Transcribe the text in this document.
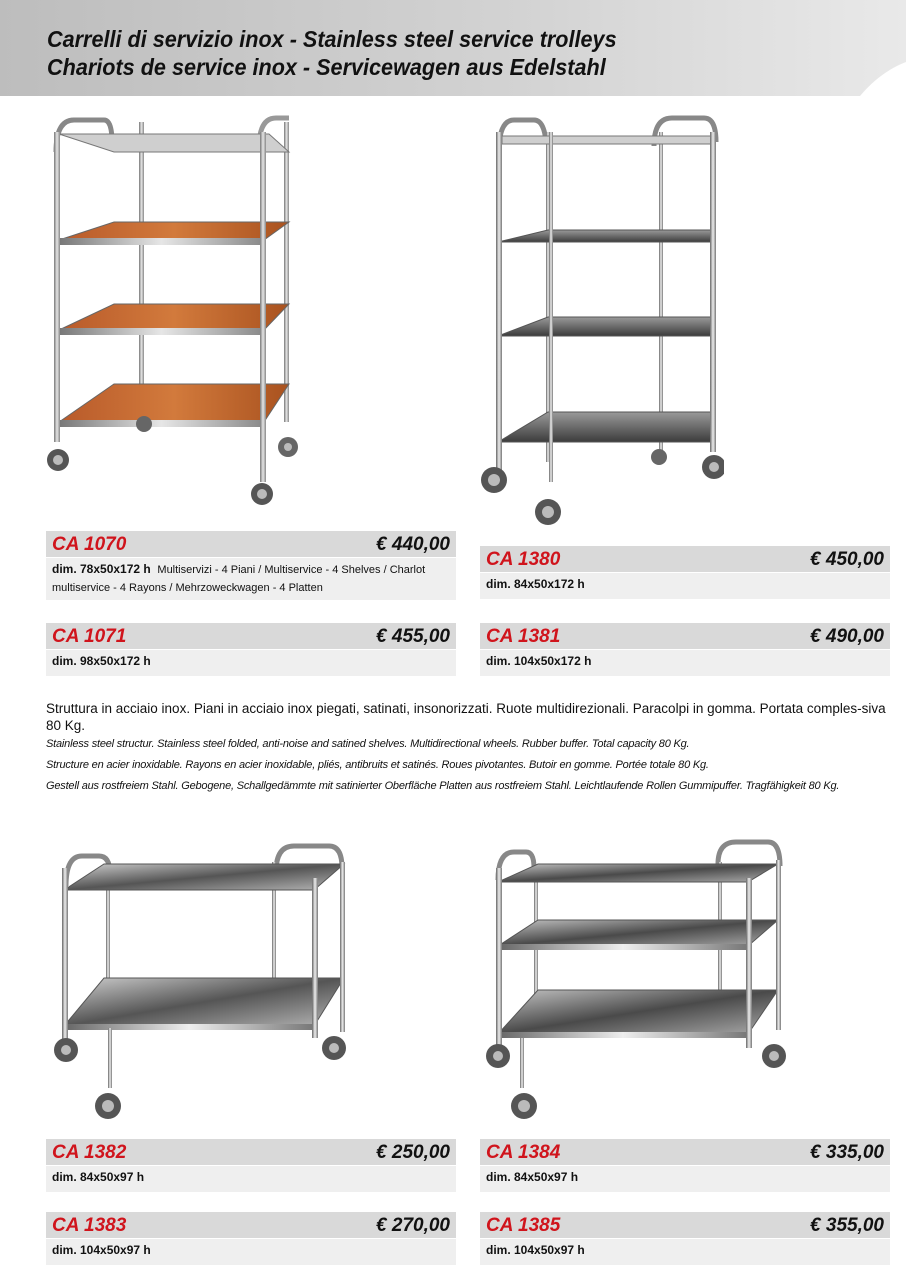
Carrelli di servizio inox - Stainless steel service trolleys
Chariots de service inox - Servicewagen aus Edelstahl
CA 1070	€ 440,00
dim. 78x50x172 h Multiservizi - 4 Piani / Multiservice - 4 Shelves / Charlot multiservice - 4 Rayons / Mehrzoweckwagen - 4 Platten
CA 1071	€ 455,00
dim. 98x50x172 h
CA 1380	€ 450,00
dim. 84x50x172 h
CA 1381	€ 490,00
dim. 104x50x172 h
Struttura in acciaio inox. Piani in acciaio inox piegati, satinati, insonorizzati. Ruote multidirezionali. Paracolpi in gomma. Portata comples-siva 80 Kg.
Stainless steel structur. Stainless steel folded, anti-noise and satined shelves. Multidirectional wheels. Rubber buffer. Total capacity 80 Kg.
Structure en acier inoxidable. Rayons en acier inoxidable, pliés, antibruits et satinés. Roues pivotantes. Butoir en gomme. Portée totale 80 Kg.
Gestell aus rostfreiem Stahl. Gebogene, Schallgedämmte mit satinierter Oberfläche Platten aus rostfreiem Stahl. Leichtlaufende Rollen Gummipuffer. Tragfähigkeit 80 Kg.
CA 1382	€ 250,00
dim. 84x50x97 h
CA 1383	€ 270,00
dim. 104x50x97 h
CA 1384	€ 335,00
dim. 84x50x97 h
CA 1385	€ 355,00
dim. 104x50x97 h
